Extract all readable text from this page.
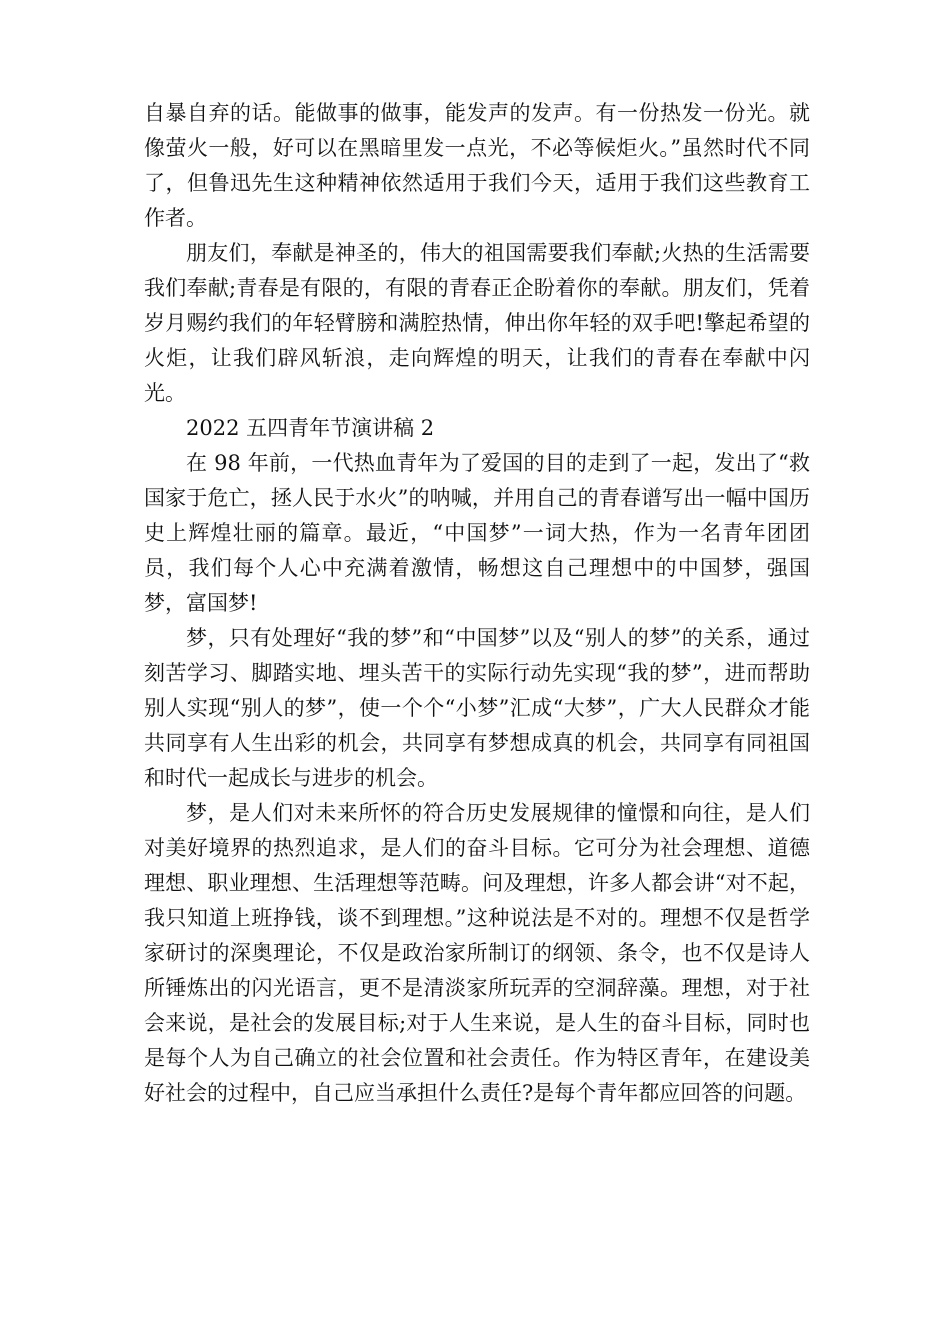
自暴自弃的话。能做事的做事，能发声的发声。有一份热发一份光。就像萤火一般，好可以在黑暗里发一点光，不必等候炬火。”虽然时代不同了，但鲁迅先生这种精神依然适用于我们今天，适用于我们这些教育工作者。

朋友们，奉献是神圣的，伟大的祖国需要我们奉献;火热的生活需要我们奉献;青春是有限的，有限的青春正企盼着你的奉献。朋友们，凭着岁月赐约我们的年轻臂膀和满腔热情，伸出你年轻的双手吧!擎起希望的火炬，让我们辟风斩浪，走向辉煌的明天，让我们的青春在奉献中闪光。

2022 五四青年节演讲稿 2

在 98 年前，一代热血青年为了爱国的目的走到了一起，发出了“救国家于危亡，拯人民于水火”的呐喊，并用自己的青春谱写出一幅中国历史上辉煌壮丽的篇章。最近，“中国梦”一词大热，作为一名青年团团员，我们每个人心中充满着激情，畅想这自己理想中的中国梦，强国梦，富国梦!

梦，只有处理好“我的梦”和“中国梦”以及“别人的梦”的关系，通过刻苦学习、脚踏实地、埋头苦干的实际行动先实现“我的梦”，进而帮助别人实现“别人的梦”，使一个个“小梦”汇成“大梦”，广大人民群众才能共同享有人生出彩的机会，共同享有梦想成真的机会，共同享有同祖国和时代一起成长与进步的机会。

梦，是人们对未来所怀的符合历史发展规律的憧憬和向往，是人们对美好境界的热烈追求，是人们的奋斗目标。它可分为社会理想、道德理想、职业理想、生活理想等范畴。问及理想，许多人都会讲“对不起，我只知道上班挣钱，谈不到理想。”这种说法是不对的。理想不仅是哲学家研讨的深奥理论，不仅是政治家所制订的纲领、条令，也不仅是诗人所锤炼出的闪光语言，更不是清淡家所玩弄的空洞辞藻。理想，对于社会来说，是社会的发展目标;对于人生来说，是人生的奋斗目标，同时也是每个人为自己确立的社会位置和社会责任。作为特区青年，在建设美好社会的过程中，自己应当承担什么责任?是每个青年都应回答的问题。
